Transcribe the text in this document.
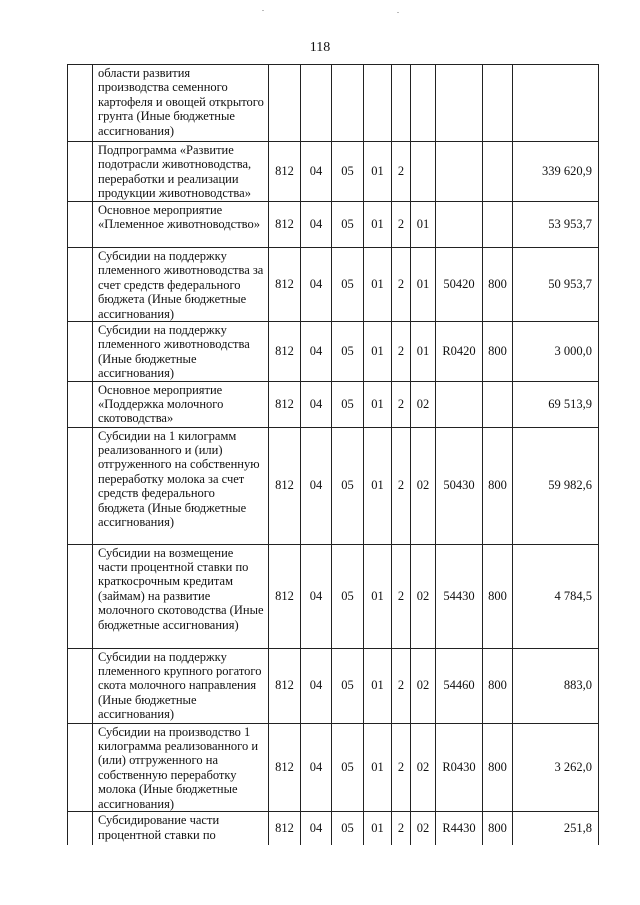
118
	области развития производства семенного картофеля и овощей открытого грунта (Иные бюджетные ассигнования)									
	Подпрограмма «Развитие подотрасли животноводства, переработки и реализации продукции животноводства»	812	04	05	01	2				339 620,9
	Основное мероприятие «Племенное животноводство»	812	04	05	01	2	01			53 953,7
	Субсидии на поддержку племенного животноводства за счет средств федерального бюджета (Иные бюджетные ассигнования)	812	04	05	01	2	01	50420	800	50 953,7
	Субсидии на поддержку племенного животноводства (Иные бюджетные ассигнования)	812	04	05	01	2	01	R0420	800	3 000,0
	Основное мероприятие «Поддержка молочного скотоводства»	812	04	05	01	2	02			69 513,9
	Субсидии на 1 килограмм реализованного и (или) отгруженного на собственную переработку молока за счет средств федерального бюджета (Иные бюджетные ассигнования)	812	04	05	01	2	02	50430	800	59 982,6
	Субсидии на возмещение части процентной ставки по краткосрочным кредитам (займам) на развитие молочного скотоводства (Иные бюджетные ассигнования)	812	04	05	01	2	02	54430	800	4 784,5
	Субсидии на поддержку племенного крупного рогатого скота молочного направления (Иные бюджетные ассигнования)	812	04	05	01	2	02	54460	800	883,0
	Субсидии на производство 1 килограмма реализованного и (или) отгруженного на собственную переработку молока (Иные бюджетные ассигнования)	812	04	05	01	2	02	R0430	800	3 262,0
	Субсидирование части процентной ставки по	812	04	05	01	2	02	R4430	800	251,8
